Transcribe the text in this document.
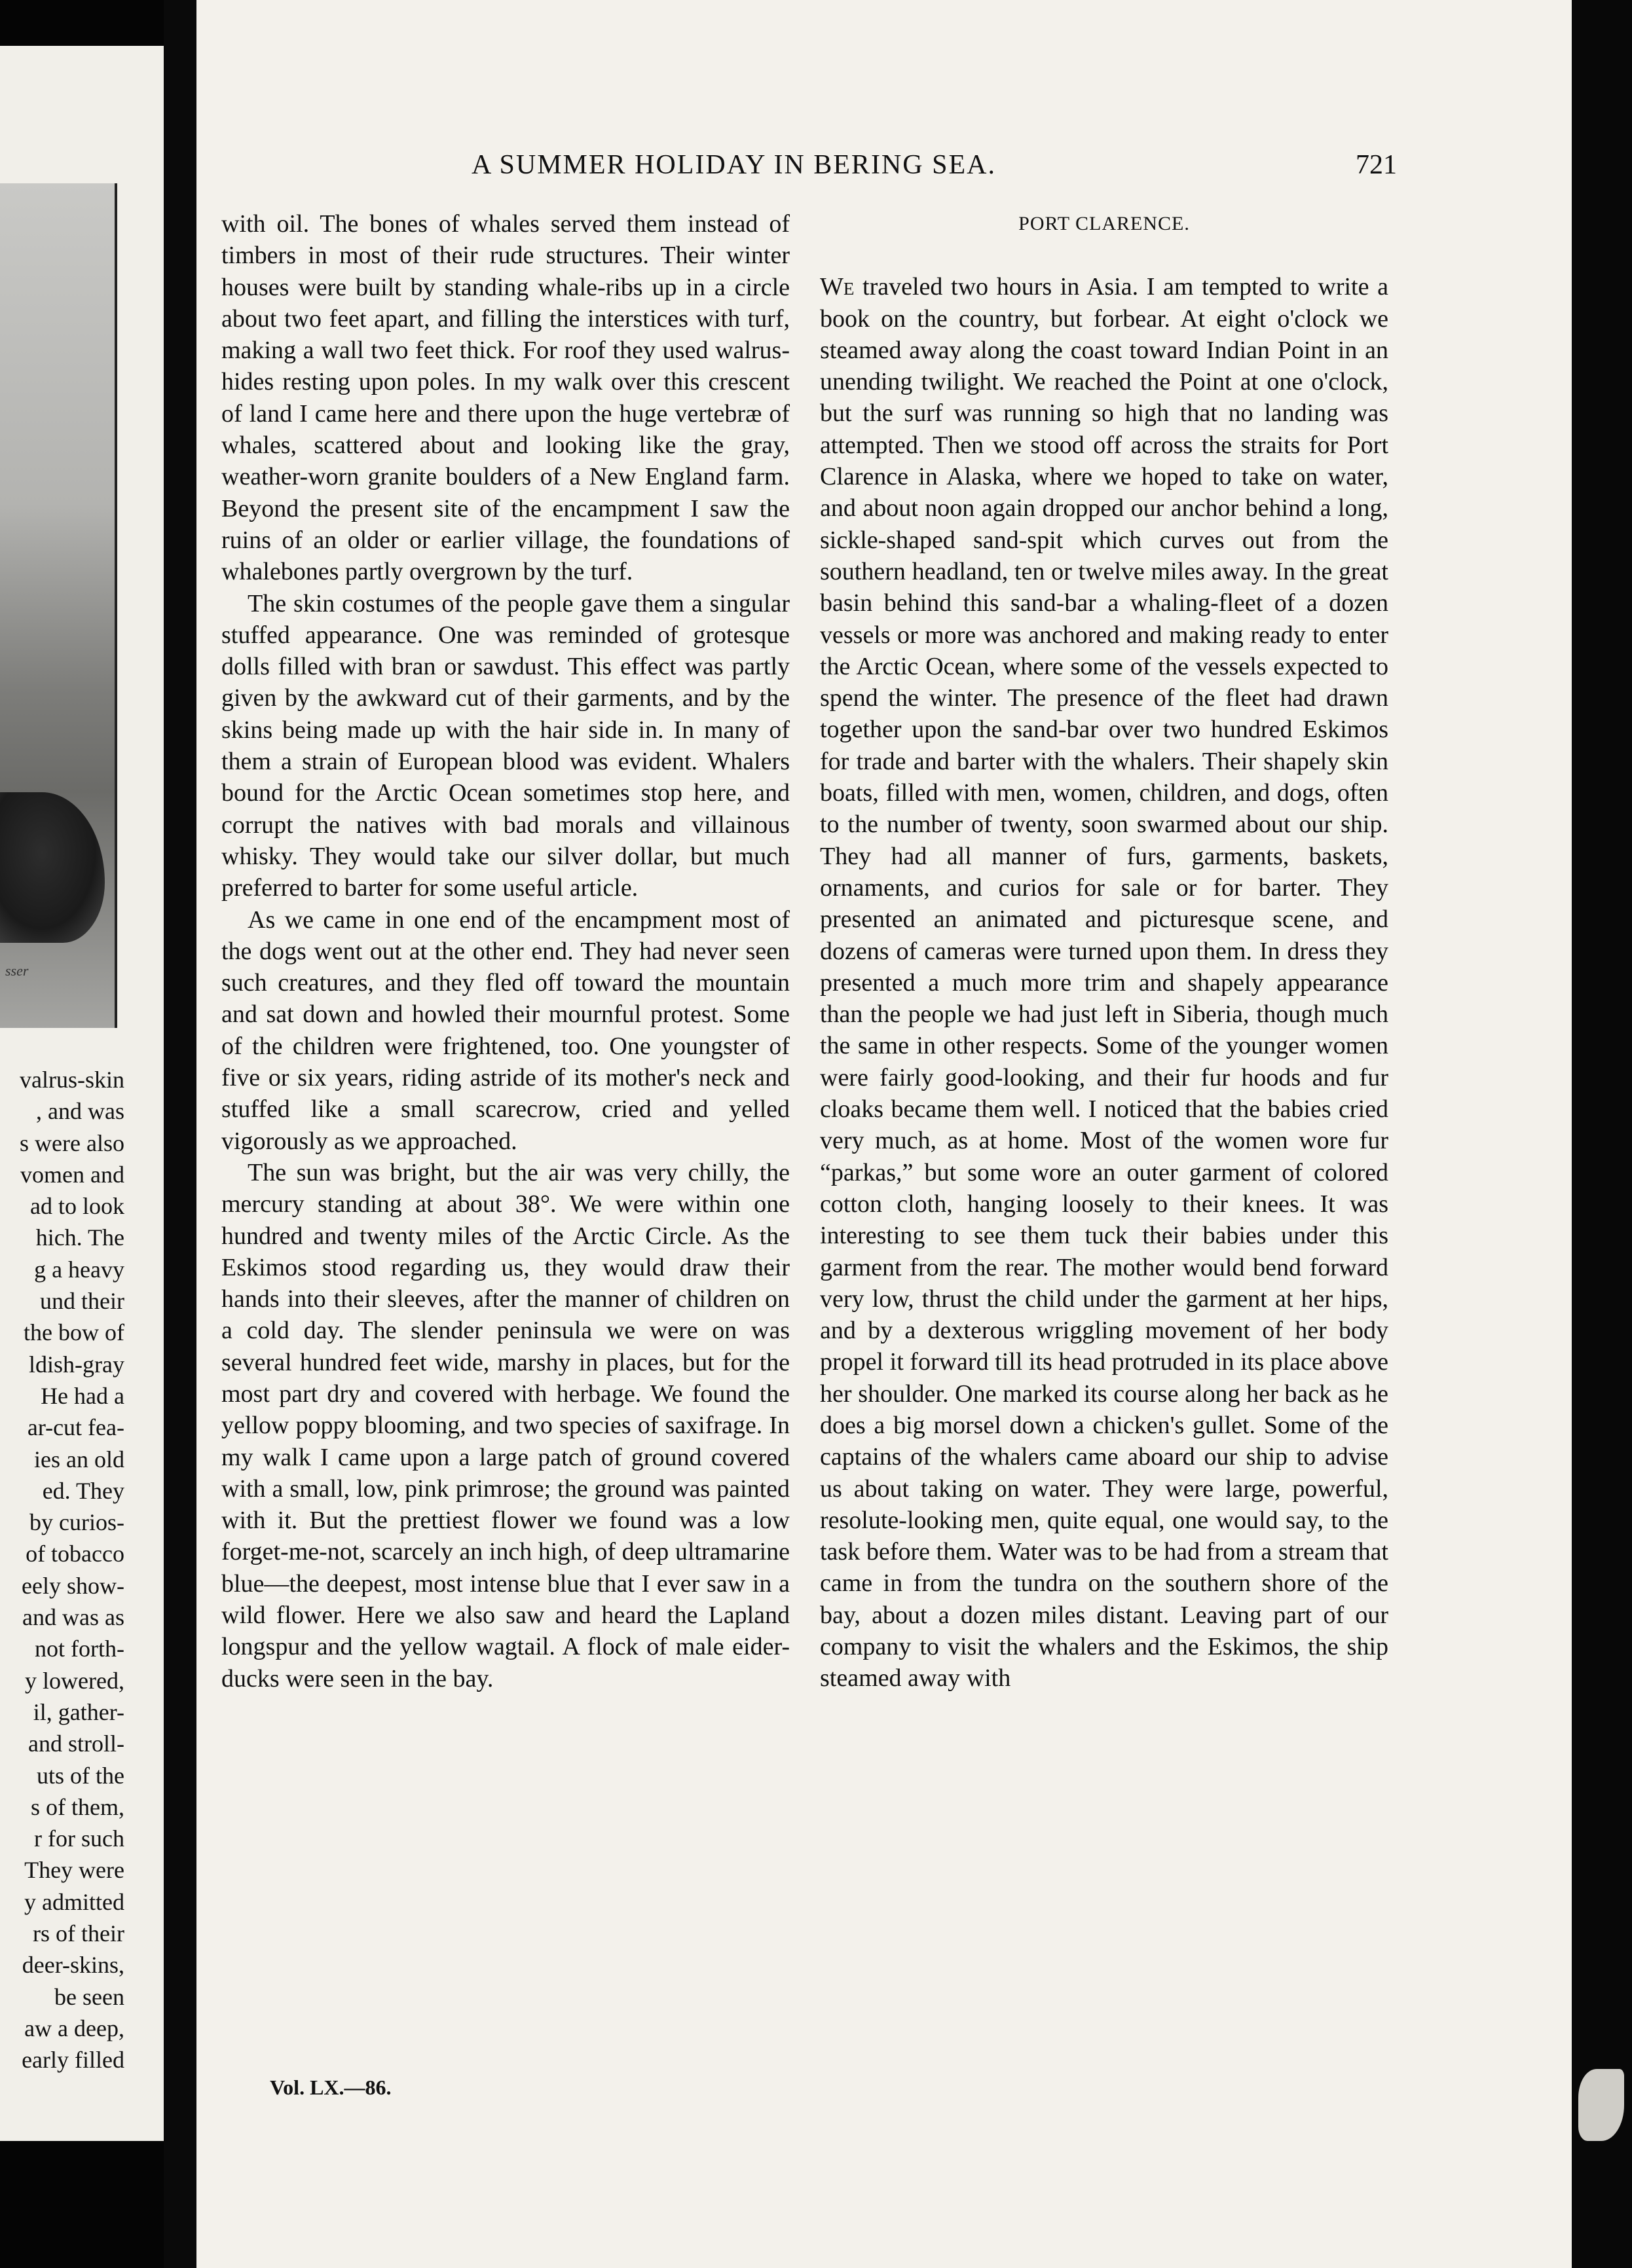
sser
valrus-skin
, and was
s were also
vomen and
ad to look
hich. The
g a heavy
und their
the bow of
ldish-gray
He had a
ar-cut fea-
ies an old
ed. They
by curios-
of tobacco
eely show-
and was as
not forth-
y lowered,
il, gather-
and stroll-
uts of the
s of them,
r for such
They were
y admitted
rs of their
deer-skins,
be seen
aw a deep,
early filled
A SUMMER HOLIDAY IN BERING SEA.	721

with oil. The bones of whales served them instead of timbers in most of their rude structures. Their winter houses were built by standing whale-ribs up in a circle about two feet apart, and filling the interstices with turf, making a wall two feet thick. For roof they used walrus-hides resting upon poles. In my walk over this crescent of land I came here and there upon the huge vertebræ of whales, scattered about and looking like the gray, weather-worn granite boulders of a New England farm. Beyond the present site of the encampment I saw the ruins of an older or earlier village, the foundations of whalebones partly overgrown by the turf.

The skin costumes of the people gave them a singular stuffed appearance. One was reminded of grotesque dolls filled with bran or sawdust. This effect was partly given by the awkward cut of their garments, and by the skins being made up with the hair side in. In many of them a strain of European blood was evident. Whalers bound for the Arctic Ocean sometimes stop here, and corrupt the natives with bad morals and villainous whisky. They would take our silver dollar, but much preferred to barter for some useful article.

As we came in one end of the encampment most of the dogs went out at the other end. They had never seen such creatures, and they fled off toward the mountain and sat down and howled their mournful protest. Some of the children were frightened, too. One youngster of five or six years, riding astride of its mother's neck and stuffed like a small scarecrow, cried and yelled vigorously as we approached.

The sun was bright, but the air was very chilly, the mercury standing at about 38°. We were within one hundred and twenty miles of the Arctic Circle. As the Eskimos stood regarding us, they would draw their hands into their sleeves, after the manner of children on a cold day. The slender peninsula we were on was several hundred feet wide, marshy in places, but for the most part dry and covered with herbage. We found the yellow poppy blooming, and two species of saxifrage. In my walk I came upon a large patch of ground covered with a small, low, pink primrose; the ground was painted with it. But the prettiest flower we found was a low forget-me-not, scarcely an inch high, of deep ultramarine blue—the deepest, most intense blue that I ever saw in a wild flower. Here we also saw and heard the Lapland longspur and the yellow wagtail. A flock of male eider-ducks were seen in the bay.

PORT CLARENCE.

We traveled two hours in Asia. I am tempted to write a book on the country, but forbear. At eight o'clock we steamed away along the coast toward Indian Point in an unending twilight. We reached the Point at one o'clock, but the surf was running so high that no landing was attempted. Then we stood off across the straits for Port Clarence in Alaska, where we hoped to take on water, and about noon again dropped our anchor behind a long, sickle-shaped sand-spit which curves out from the southern headland, ten or twelve miles away. In the great basin behind this sand-bar a whaling-fleet of a dozen vessels or more was anchored and making ready to enter the Arctic Ocean, where some of the vessels expected to spend the winter. The presence of the fleet had drawn together upon the sand-bar over two hundred Eskimos for trade and barter with the whalers. Their shapely skin boats, filled with men, women, children, and dogs, often to the number of twenty, soon swarmed about our ship. They had all manner of furs, garments, baskets, ornaments, and curios for sale or for barter. They presented an animated and picturesque scene, and dozens of cameras were turned upon them. In dress they presented a much more trim and shapely appearance than the people we had just left in Siberia, though much the same in other respects. Some of the younger women were fairly good-looking, and their fur hoods and fur cloaks became them well. I noticed that the babies cried very much, as at home. Most of the women wore fur “parkas,” but some wore an outer garment of colored cotton cloth, hanging loosely to their knees. It was interesting to see them tuck their babies under this garment from the rear. The mother would bend forward very low, thrust the child under the garment at her hips, and by a dexterous wriggling movement of her body propel it forward till its head protruded in its place above her shoulder. One marked its course along her back as he does a big morsel down a chicken's gullet. Some of the captains of the whalers came aboard our ship to advise us about taking on water. They were large, powerful, resolute-looking men, quite equal, one would say, to the task before them. Water was to be had from a stream that came in from the tundra on the southern shore of the bay, about a dozen miles distant. Leaving part of our company to visit the whalers and the Eskimos, the ship steamed away with

Vol. LX.—86.
